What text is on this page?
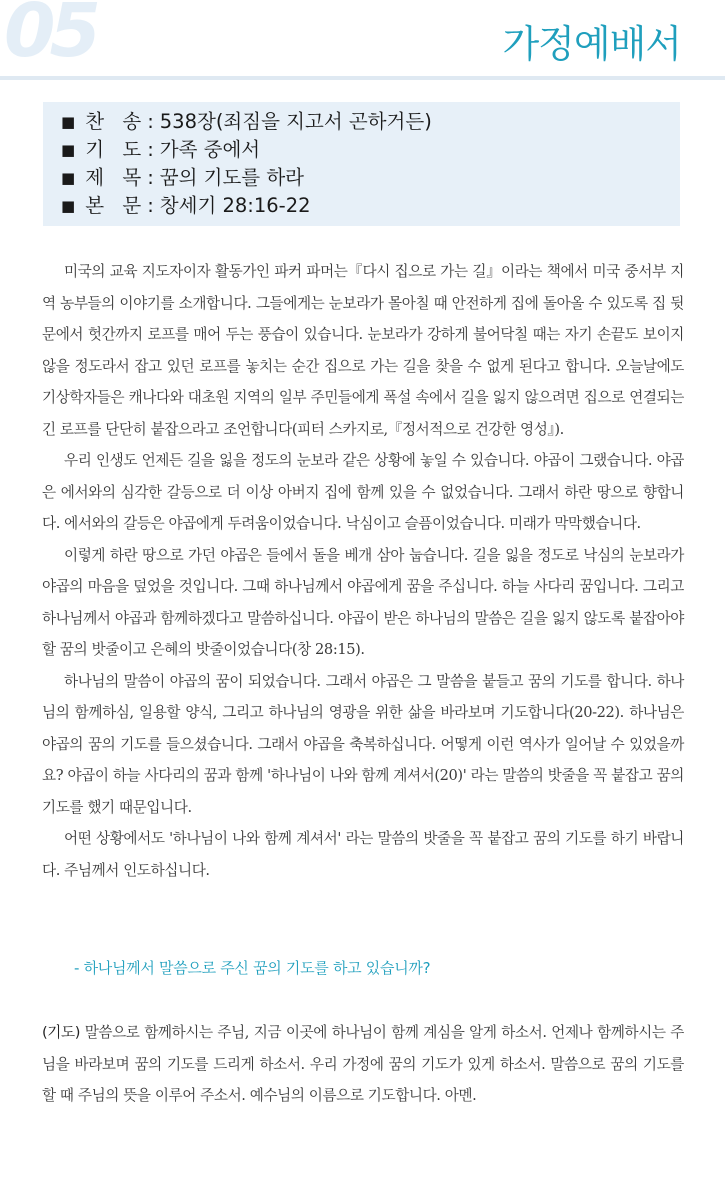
05	가정예배서
■ 찬 송 : 538장(죄짐을 지고서 곤하거든)
■ 기 도 : 가족 중에서
■ 제 목 : 꿈의 기도를 하라
■ 본 문 : 창세기 28:16-22

미국의 교육 지도자이자 활동가인 파커 파머는『다시 집으로 가는 길』이라는 책에서 미국 중서부 지역 농부들의 이야기를 소개합니다. 그들에게는 눈보라가 몰아칠 때 안전하게 집에 돌아올 수 있도록 집 뒷문에서 헛간까지 로프를 매어 두는 풍습이 있습니다. 눈보라가 강하게 불어닥칠 때는 자기 손끝도 보이지 않을 정도라서 잡고 있던 로프를 놓치는 순간 집으로 가는 길을 찾을 수 없게 된다고 합니다. 오늘날에도 기상학자들은 캐나다와 대초원 지역의 일부 주민들에게 폭설 속에서 길을 잃지 않으려면 집으로 연결되는 긴 로프를 단단히 붙잡으라고 조언합니다(피터 스카지로,『정서적으로 건강한 영성』).

우리 인생도 언제든 길을 잃을 정도의 눈보라 같은 상황에 놓일 수 있습니다. 야곱이 그랬습니다. 야곱은 에서와의 심각한 갈등으로 더 이상 아버지 집에 함께 있을 수 없었습니다. 그래서 하란 땅으로 향합니다. 에서와의 갈등은 야곱에게 두려움이었습니다. 낙심이고 슬픔이었습니다. 미래가 막막했습니다.

이렇게 하란 땅으로 가던 야곱은 들에서 돌을 베개 삼아 눕습니다. 길을 잃을 정도로 낙심의 눈보라가 야곱의 마음을 덮었을 것입니다. 그때 하나님께서 야곱에게 꿈을 주십니다. 하늘 사다리 꿈입니다. 그리고 하나님께서 야곱과 함께하겠다고 말씀하십니다. 야곱이 받은 하나님의 말씀은 길을 잃지 않도록 붙잡아야 할 꿈의 밧줄이고 은혜의 밧줄이었습니다(창 28:15).

하나님의 말씀이 야곱의 꿈이 되었습니다. 그래서 야곱은 그 말씀을 붙들고 꿈의 기도를 합니다. 하나님의 함께하심, 일용할 양식, 그리고 하나님의 영광을 위한 삶을 바라보며 기도합니다(20-22). 하나님은 야곱의 꿈의 기도를 들으셨습니다. 그래서 야곱을 축복하십니다. 어떻게 이런 역사가 일어날 수 있었을까요? 야곱이 하늘 사다리의 꿈과 함께 '하나님이 나와 함께 계셔서(20)' 라는 말씀의 밧줄을 꼭 붙잡고 꿈의 기도를 했기 때문입니다.

어떤 상황에서도 '하나님이 나와 함께 계셔서' 라는 말씀의 밧줄을 꼭 붙잡고 꿈의 기도를 하기 바랍니다. 주님께서 인도하십니다.

- 하나님께서 말씀으로 주신 꿈의 기도를 하고 있습니까?
(기도) 말씀으로 함께하시는 주님, 지금 이곳에 하나님이 함께 계심을 알게 하소서. 언제나 함께하시는 주님을 바라보며 꿈의 기도를 드리게 하소서. 우리 가정에 꿈의 기도가 있게 하소서. 말씀으로 꿈의 기도를 할 때 주님의 뜻을 이루어 주소서. 예수님의 이름으로 기도합니다. 아멘.
